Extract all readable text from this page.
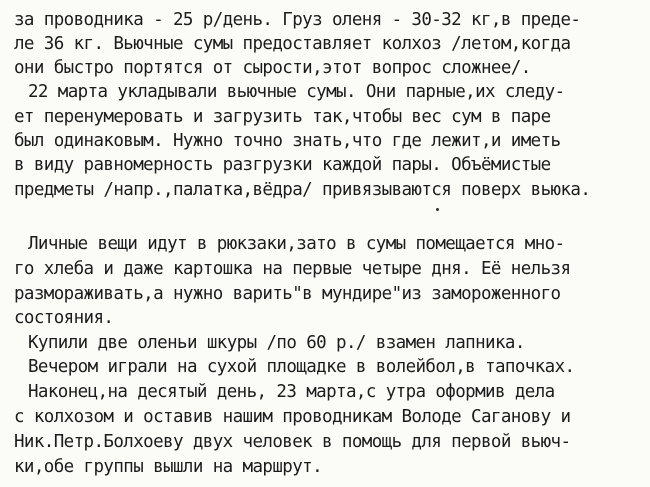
за проводника - 25 р/день. Груз оленя - 30-32 кг,в преде-
ле 36 кг. Вьючные сумы предоставляет колхоз /летом,когда
они быстро портятся от сырости,этот вопрос сложнее/.
22 марта укладывали вьючные сумы. Они парные,их следу-
ет перенумеровать и загрузить так,чтобы вес сум в паре
был одинаковым. Нужно точно знать,что где лежит,и иметь
в виду равномерность разгрузки каждой пары. Объёмистые
предметы /напр.,палатка,вёдра/ привязываются поверх вьюка.
Личные вещи идут в рюкзаки,зато в сумы помещается мно-
го хлеба и даже картошка на первые четыре дня. Её нельзя
размораживать,а нужно варить"в мундире"из замороженного
состояния.
Купили две оленьи шкуры /по 60 р./ взамен лапника.
Вечером играли на сухой площадке в волейбол,в тапочках.
Наконец,на десятый день, 23 марта,с утра оформив дела
с колхозом и оставив нашим проводникам Володе Саганову и
Ник.Петр.Болхоеву двух человек в помощь для первой вьюч-
ки,обе группы вышли на маршрут.
